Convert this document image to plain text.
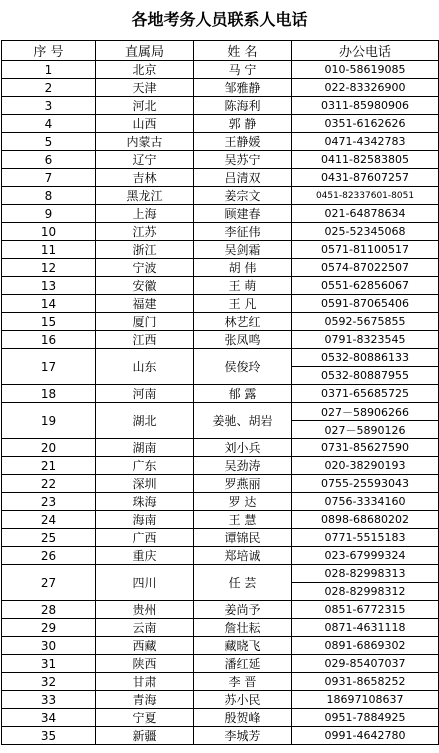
各地考务人员联系人电话
序 号	直属局	姓 名	办公电话
1	北京	马 宁	010-58619085
2	天津	邹雅静	022-83326900
3	河北	陈海利	0311-85980906
4	山西	郭 静	0351-6162626
5	内蒙古	王静媛	0471-4342783
6	辽宁	吴苏宁	0411-82583805
7	吉林	吕清双	0431-87607257
8	黑龙江	姜宗文	0451-82337601-8051
9	上海	顾建春	021-64878634
10	江苏	李征伟	025-52345068
11	浙江	吴剑霜	0571-81100517
12	宁波	胡 伟	0574-87022507
13	安徽	王 萌	0551-62856067
14	福建	王 凡	0591-87065406
15	厦门	林艺红	0592-5675855
16	江西	张凤鸣	0791-8323545
17	山东	侯俊玲	0532-80886133
			0532-80887955
18	河南	郁 露	0371-65685725
19	湖北	姜驰、胡岩	027－58906266
			027－5890126
20	湖南	刘小兵	0731-85627590
21	广东	吴劲涛	020-38290193
22	深圳	罗燕丽	0755-25593043
23	珠海	罗 达	0756-3334160
24	海南	王 慧	0898-68680202
25	广西	谭锦民	0771-5515183
26	重庆	郑培诚	023-67999324
27	四川	任 芸	028-82998313
			028-82998312
28	贵州	姜尚予	0851-6772315
29	云南	詹壮耘	0871-4631118
30	西藏	藏晓飞	0891-6869302
31	陕西	潘红延	029-85407037
32	甘肃	李 晋	0931-8658252
33	青海	苏小民	18697108637
34	宁夏	殷贺峰	0951-7884925
35	新疆	李城芳	0991-4642780
